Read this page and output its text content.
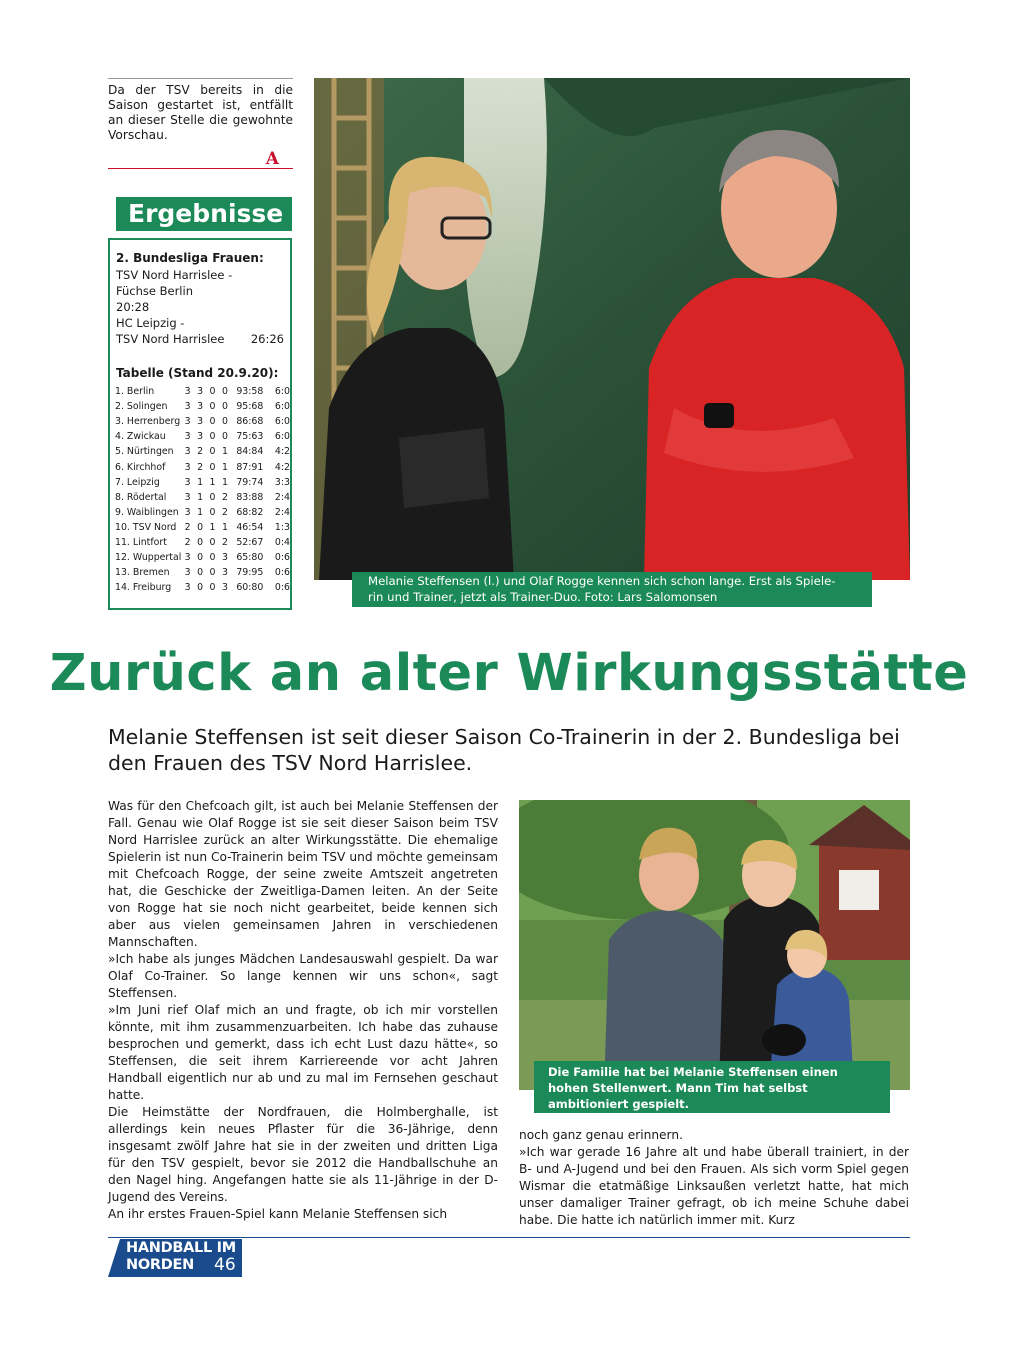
Da der TSV bereits in die Saison gestartet ist, entfällt an dieser Stelle die gewohnte Vorschau.

A
Ergebnisse
2. Bundesliga Frauen:
TSV Nord Harrislee -
Füchse Berlin
20:28
HC Leipzig -
TSV Nord Harrislee 26:26
Tabelle (Stand 20.9.20):
1. Berlin	3	3	0	0	93:58	6:0
2. Solingen	3	3	0	0	95:68	6:0
3. Herrenberg	3	3	0	0	86:68	6:0
4. Zwickau	3	3	0	0	75:63	6:0
5. Nürtingen	3	2	0	1	84:84	4:2
6. Kirchhof	3	2	0	1	87:91	4:2
7. Leipzig	3	1	1	1	79:74	3:3
8. Rödertal	3	1	0	2	83:88	2:4
9. Waiblingen	3	1	0	2	68:82	2:4
10. TSV Nord	2	0	1	1	46:54	1:3
11. Lintfort	2	0	0	2	52:67	0:4
12. Wuppertal	3	0	0	3	65:80	0:6
13. Bremen	3	0	0	3	79:95	0:6
14. Freiburg	3	0	0	3	60:80	0:6	Melanie Steffensen (l.) und Olaf Rogge kennen sich schon lange. Erst als Spiele-
rin und Trainer, jetzt als Trainer-Duo. Foto: Lars Salomonsen
Zurück an alter Wirkungsstätte

Melanie Steffensen ist seit dieser Saison Co-Trainerin in der 2. Bundesliga bei den Frauen des TSV Nord Harrislee.

Was für den Chefcoach gilt, ist auch bei Melanie Steffensen der Fall. Genau wie Olaf Rogge ist sie seit dieser Saison beim TSV Nord Harrislee zurück an alter Wirkungsstätte. Die ehemalige Spielerin ist nun Co-Trainerin beim TSV und möchte gemeinsam mit Chefcoach Rogge, der seine zweite Amtszeit angetreten hat, die Geschicke der Zweitliga-Damen leiten. An der Seite von Rogge hat sie noch nicht gearbeitet, beide kennen sich aber aus vielen gemeinsamen Jahren in verschiedenen Mannschaften.

»Ich habe als junges Mädchen Landesauswahl gespielt. Da war Olaf Co-Trainer. So lange kennen wir uns schon«, sagt Steffensen.

»Im Juni rief Olaf mich an und fragte, ob ich mir vorstellen könnte, mit ihm zusammenzuarbeiten. Ich habe das zuhause besprochen und gemerkt, dass ich echt Lust dazu hätte«, so Steffensen, die seit ihrem Karriereende vor acht Jahren Handball eigentlich nur ab und zu mal im Fernsehen geschaut hatte.

Die Heimstätte der Nordfrauen, die Holmberghalle, ist allerdings kein neues Pflaster für die 36-Jährige, denn insgesamt zwölf Jahre hat sie in der zweiten und dritten Liga für den TSV gespielt, bevor sie 2012 die Handballschuhe an den Nagel hing. Angefangen hatte sie als 11-Jährige in der D-Jugend des Vereins.

An ihr erstes Frauen-Spiel kann Melanie Steffensen sich

Die Familie hat bei Melanie Steffensen einen hohen Stellenwert. Mann Tim hat selbst ambitioniert gespielt.
Privatfoto

noch ganz genau erinnern.

»Ich war gerade 16 Jahre alt und habe überall trainiert, in der B- und A-Jugend und bei den Frauen. Als sich vorm Spiel gegen Wismar die etatmäßige Linksaußen verletzt hatte, hat mich unser damaliger Trainer gefragt, ob ich meine Schuhe dabei habe. Die hatte ich natürlich immer mit. Kurz

HANDBALL IM
NORDEN 46
